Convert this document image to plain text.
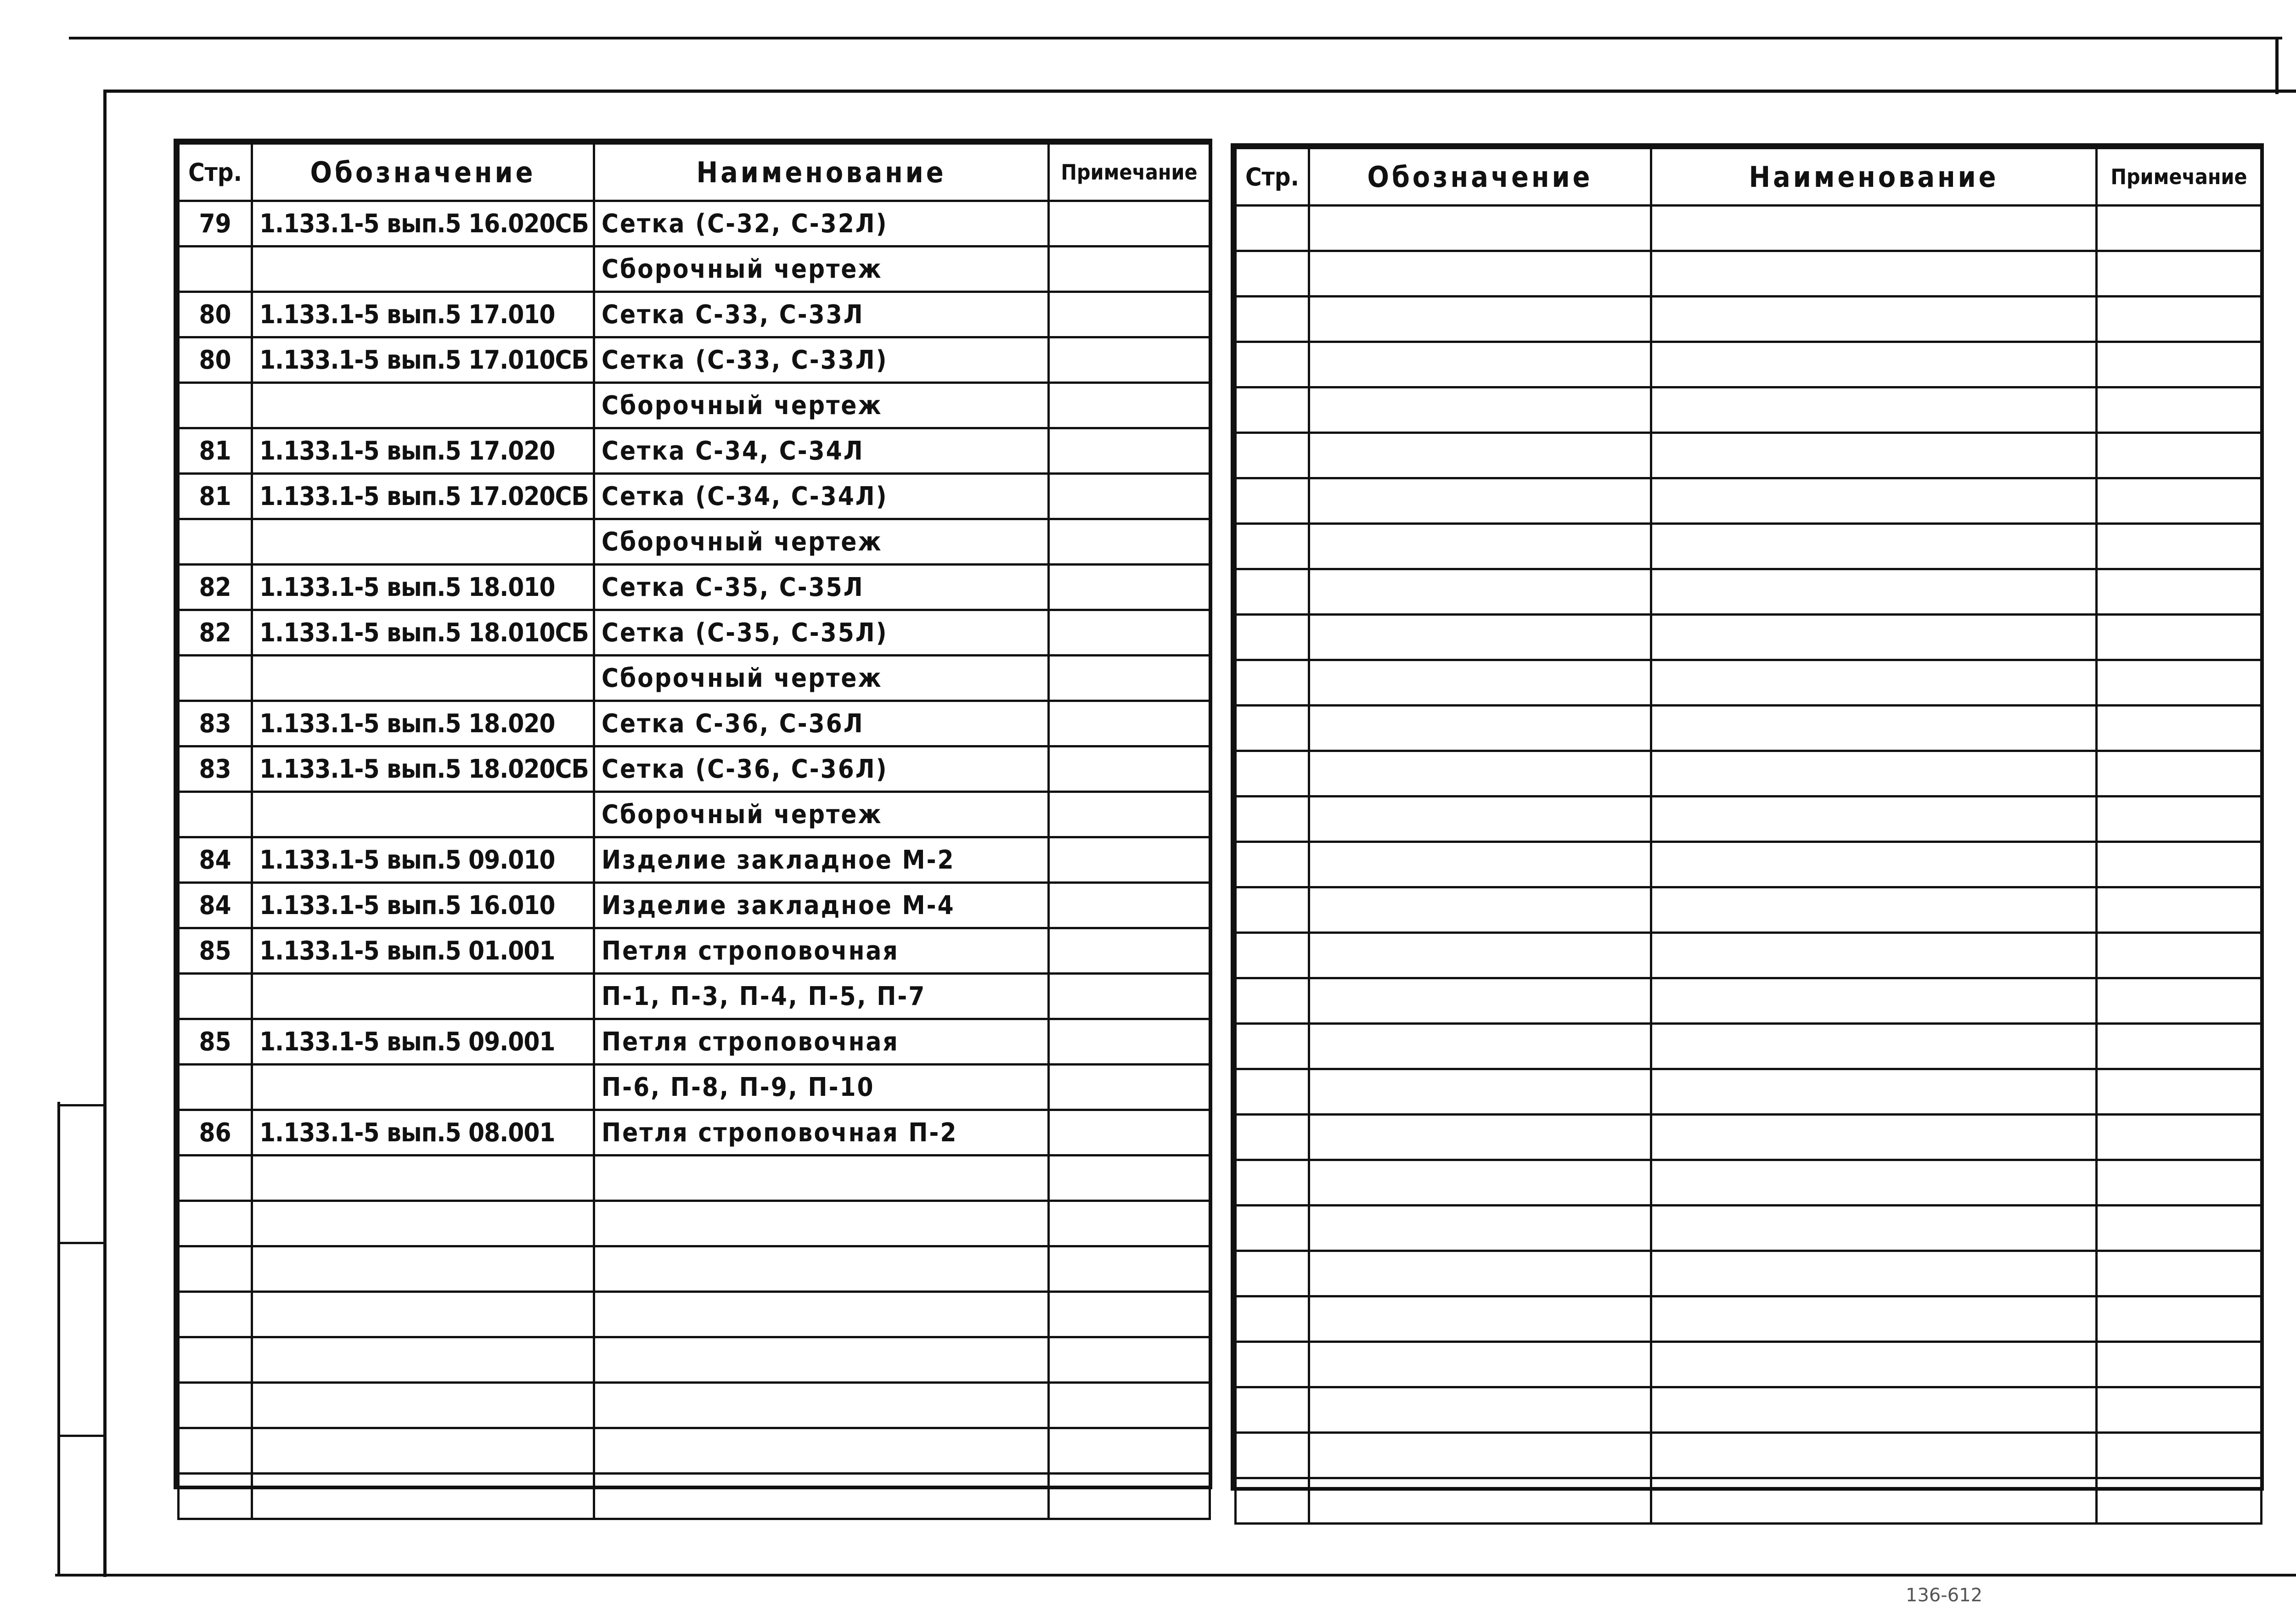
Стр.	Обозначение	Наименование	Примечание
79	1.133.1-5 вып.5 16.020СБ	Сетка (С-32, С-32Л)	
		Сборочный чертеж	
80	1.133.1-5 вып.5 17.010	Сетка С-33, С-33Л	
80	1.133.1-5 вып.5 17.010СБ	Сетка (С-33, С-33Л)	
		Сборочный чертеж	
81	1.133.1-5 вып.5 17.020	Сетка С-34, С-34Л	
81	1.133.1-5 вып.5 17.020СБ	Сетка (С-34, С-34Л)	
		Сборочный чертеж	
82	1.133.1-5 вып.5 18.010	Сетка С-35, С-35Л	
82	1.133.1-5 вып.5 18.010СБ	Сетка (С-35, С-35Л)	
		Сборочный чертеж	
83	1.133.1-5 вып.5 18.020	Сетка С-36, С-36Л	
83	1.133.1-5 вып.5 18.020СБ	Сетка (С-36, С-36Л)	
		Сборочный чертеж	
84	1.133.1-5 вып.5 09.010	Изделие закладное М-2	
84	1.133.1-5 вып.5 16.010	Изделие закладное М-4	
85	1.133.1-5 вып.5 01.001	Петля строповочная	
		П-1, П-3, П-4, П-5, П-7	
85	1.133.1-5 вып.5 09.001	Петля строповочная	
		П-6, П-8, П-9, П-10	
86	1.133.1-5 вып.5 08.001	Петля строповочная П-2	

Стр.	Обозначение	Наименование	Примечание

136-612
